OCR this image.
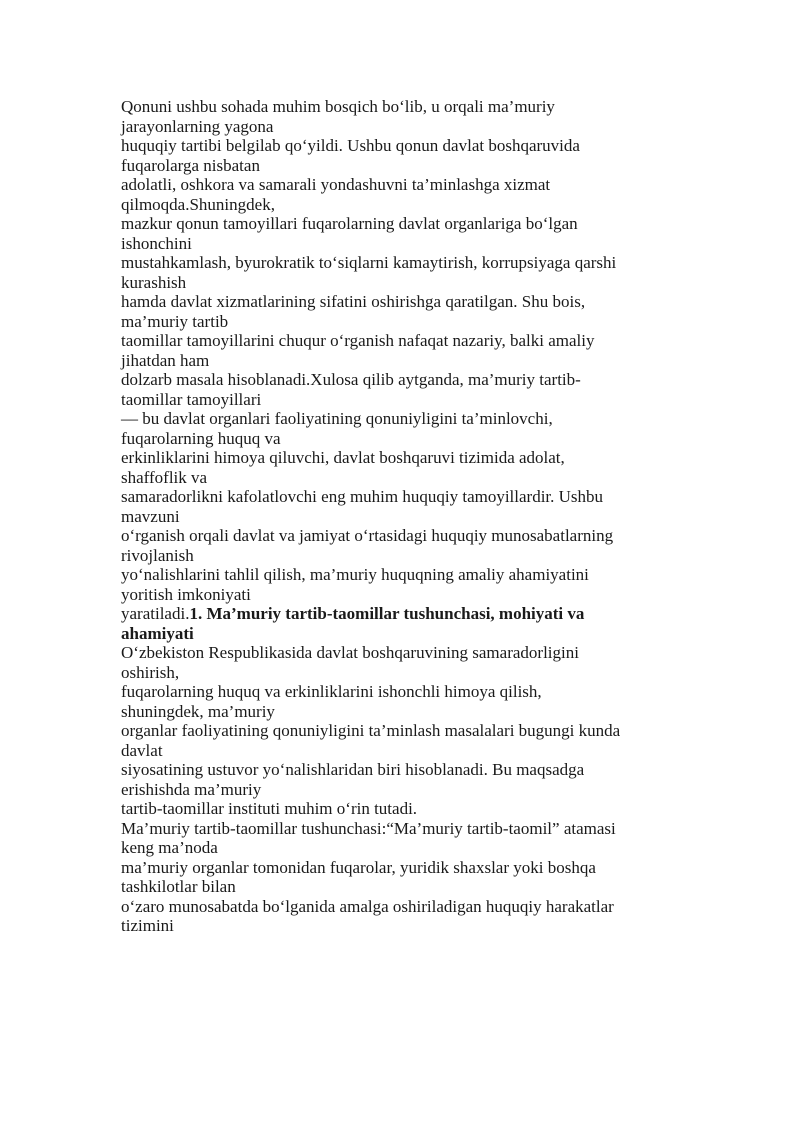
Qonuni ushbu sohada muhim bosqich bo‘lib, u orqali ma’muriy
jarayonlarning yagona
huquqiy tartibi belgilab qo‘yildi. Ushbu qonun davlat boshqaruvida
fuqarolarga nisbatan
adolatli, oshkora va samarali yondashuvni ta’minlashga xizmat
qilmoqda.Shuningdek,
mazkur qonun tamoyillari fuqarolarning davlat organlariga bo‘lgan
ishonchini
mustahkamlash, byurokratik to‘siqlarni kamaytirish, korrupsiyaga qarshi
kurashish
hamda davlat xizmatlarining sifatini oshirishga qaratilgan. Shu bois,
ma’muriy tartib
taomillar tamoyillarini chuqur o‘rganish nafaqat nazariy, balki amaliy
jihatdan ham
dolzarb masala hisoblanadi.Xulosa qilib aytganda, ma’muriy tartib-
taomillar tamoyillari
— bu davlat organlari faoliyatining qonuniyligini ta’minlovchi,
fuqarolarning huquq va
erkinliklarini himoya qiluvchi, davlat boshqaruvi tizimida adolat,
shaffoflik va
samaradorlikni kafolatlovchi eng muhim huquqiy tamoyillardir. Ushbu
mavzuni
o‘rganish orqali davlat va jamiyat o‘rtasidagi huquqiy munosabatlarning
rivojlanish
yo‘nalishlarini tahlil qilish, ma’muriy huquqning amaliy ahamiyatini
yoritish imkoniyati
yaratiladi.1. Ma’muriy tartib-taomillar tushunchasi, mohiyati va
ahamiyati
O‘zbekiston Respublikasida davlat boshqaruvining samaradorligini
oshirish,
fuqarolarning huquq va erkinliklarini ishonchli himoya qilish,
shuningdek, ma’muriy
organlar faoliyatining qonuniyligini ta’minlash masalalari bugungi kunda
davlat
siyosatining ustuvor yo‘nalishlaridan biri hisoblanadi. Bu maqsadga
erishishda ma’muriy
tartib-taomillar instituti muhim o‘rin tutadi.
Ma’muriy tartib-taomillar tushunchasi:“Ma’muriy tartib-taomil” atamasi
keng ma’noda
ma’muriy organlar tomonidan fuqarolar, yuridik shaxslar yoki boshqa
tashkilotlar bilan
o‘zaro munosabatda bo‘lganida amalga oshiriladigan huquqiy harakatlar
tizimini
